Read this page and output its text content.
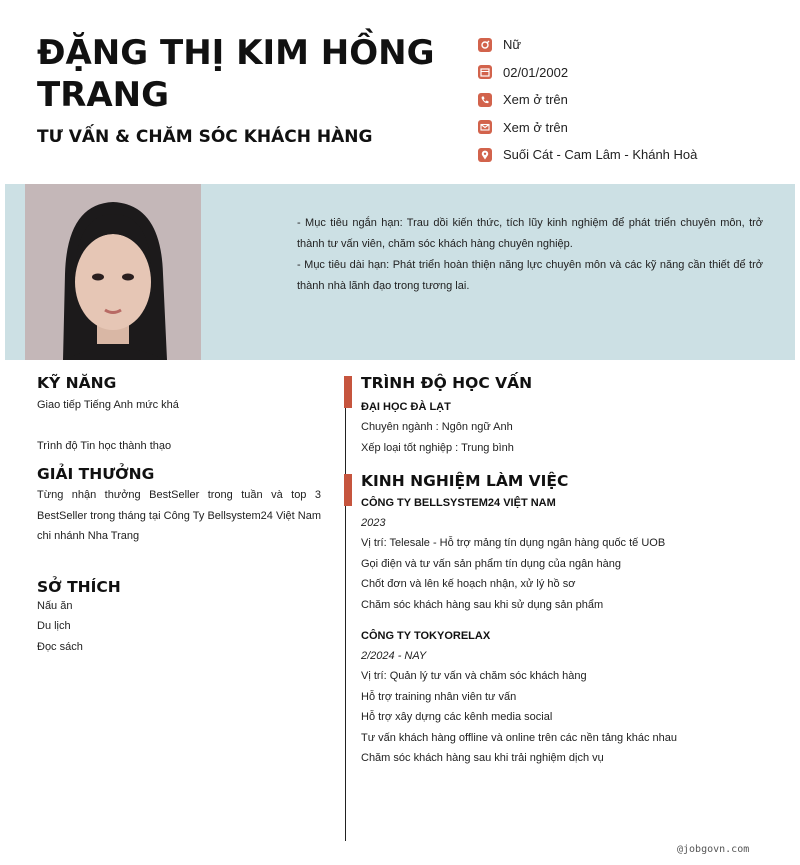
ĐẶNG THỊ KIM HỒNG TRANG
TƯ VẤN & CHĂM SÓC KHÁCH HÀNG
Nữ
02/01/2002
Xem ở trên
Xem ở trên
Suối Cát - Cam Lâm - Khánh Hoà

- Mục tiêu ngắn hạn: Trau dồi kiến thức, tích lũy kinh nghiệm để phát triển chuyên môn, trở thành tư vấn viên, chăm sóc khách hàng chuyên nghiệp.

- Mục tiêu dài hạn: Phát triển hoàn thiện năng lực chuyên môn và các kỹ năng cần thiết để trở thành nhà lãnh đạo trong tương lai.

KỸ NĂNG
Giao tiếp Tiếng Anh mức khá
Trình độ Tin học thành thạo
GIẢI THƯỞNG
Từng nhận thưởng BestSeller trong tuần và top 3 BestSeller trong tháng tại Công Ty Bellsystem24 Việt Nam chi nhánh Nha Trang
SỞ THÍCH
Nấu ăn
Du lịch
Đọc sách
TRÌNH ĐỘ HỌC VẤN
ĐẠI HỌC ĐÀ LẠT
Chuyên ngành : Ngôn ngữ Anh
Xếp loại tốt nghiệp : Trung bình
KINH NGHIỆM LÀM VIỆC
CÔNG TY BELLSYSTEM24 VIỆT NAM
2023
Vị trí: Telesale - Hỗ trợ mảng tín dụng ngân hàng quốc tế UOB
Gọi điện và tư vấn sản phẩm tín dụng của ngân hàng
Chốt đơn và lên kế hoạch nhận, xử lý hồ sơ
Chăm sóc khách hàng sau khi sử dụng sản phẩm
CÔNG TY TOKYORELAX
2/2024 - NAY
Vị trí: Quản lý tư vấn và chăm sóc khách hàng
Hỗ trợ training nhân viên tư vấn
Hỗ trợ xây dựng các kênh media social
Tư vấn khách hàng offline và online trên các nền tảng khác nhau
Chăm sóc khách hàng sau khi trải nghiệm dịch vụ
@jobgovn.com
